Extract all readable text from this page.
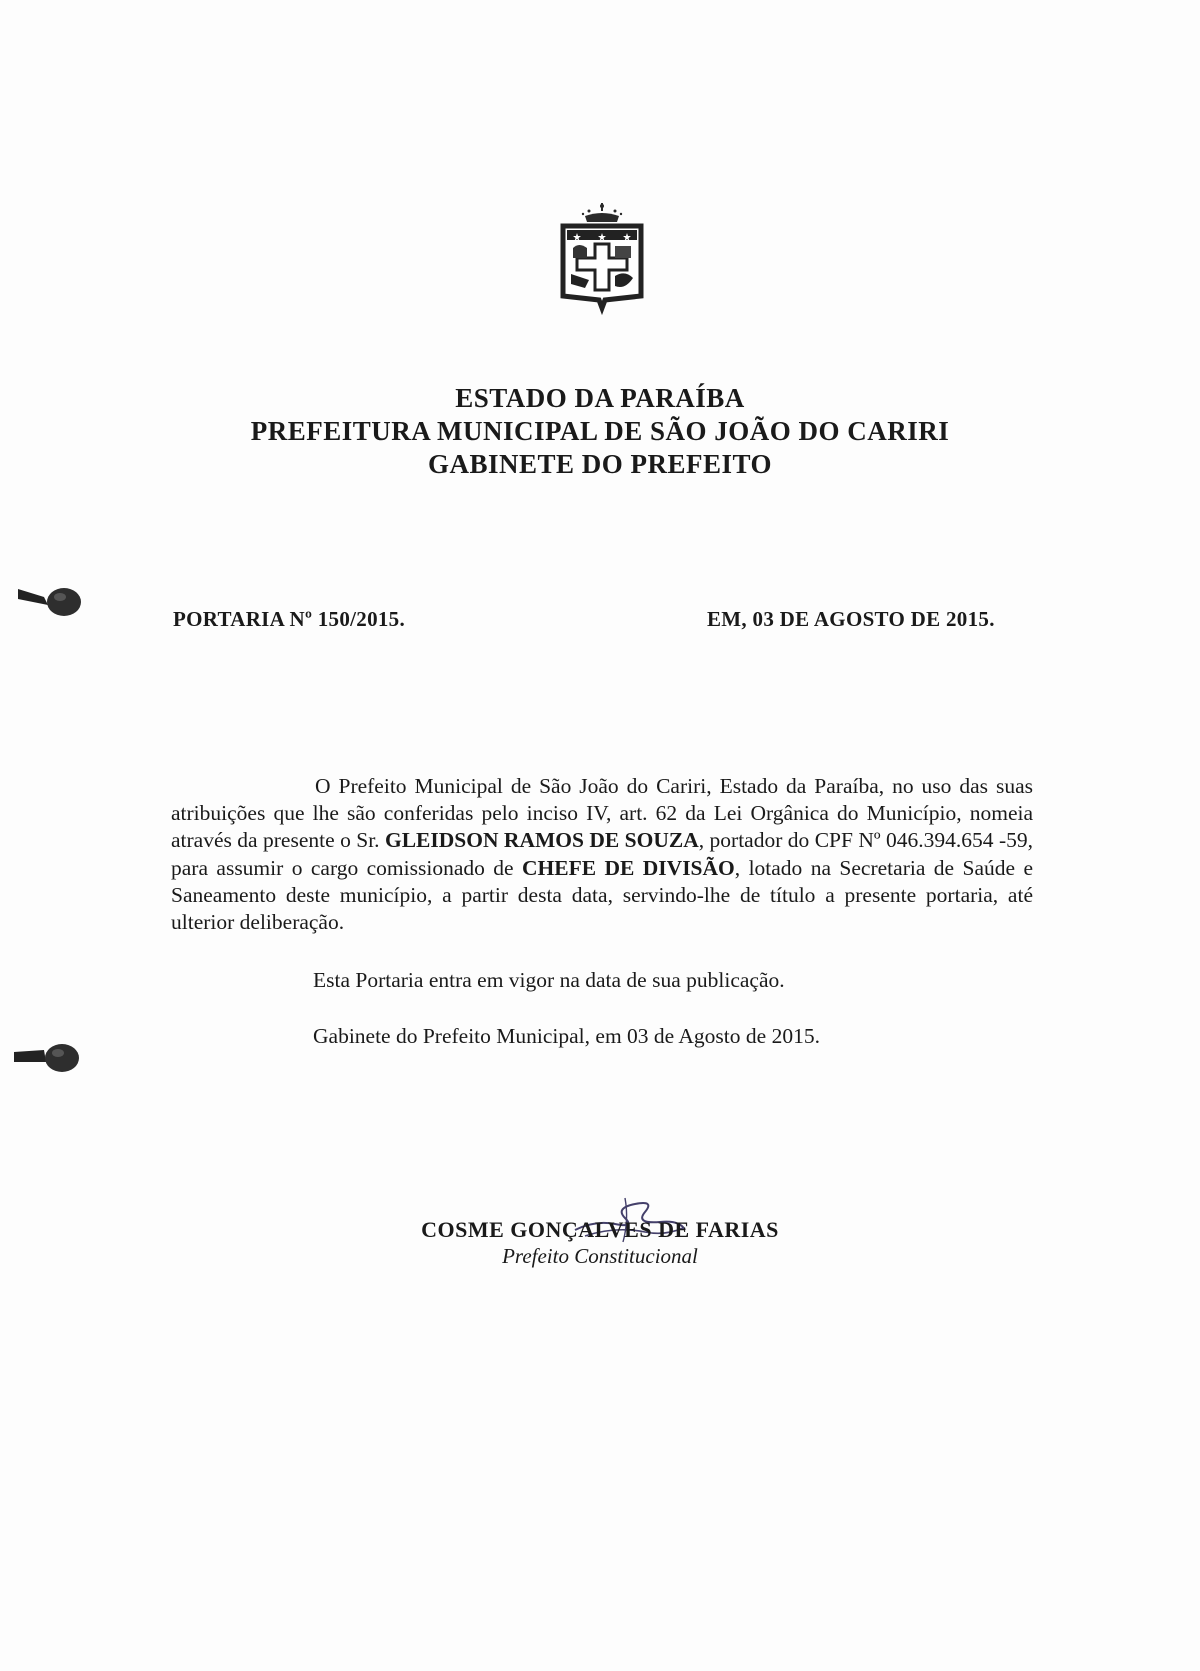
ESTADO DA PARAÍBA
PREFEITURA MUNICIPAL DE SÃO JOÃO DO CARIRI
GABINETE DO PREFEITO
PORTARIA Nº 150/2015.	EM, 03 DE AGOSTO DE 2015.
O Prefeito Municipal de São João do Cariri, Estado da Paraíba, no uso das suas atribuições que lhe são conferidas pelo inciso IV, art. 62 da Lei Orgânica do Município, nomeia através da presente o Sr. GLEIDSON RAMOS DE SOUZA, portador do CPF Nº 046.394.654 -59, para assumir o cargo comissionado de CHEFE DE DIVISÃO, lotado na Secretaria de Saúde e Saneamento deste município, a partir desta data, servindo-lhe de título a presente portaria, até ulterior deliberação.
Esta Portaria entra em vigor na data de sua publicação.
Gabinete do Prefeito Municipal, em 03 de Agosto de 2015.
COSME GONÇALVES DE FARIAS
Prefeito Constitucional
